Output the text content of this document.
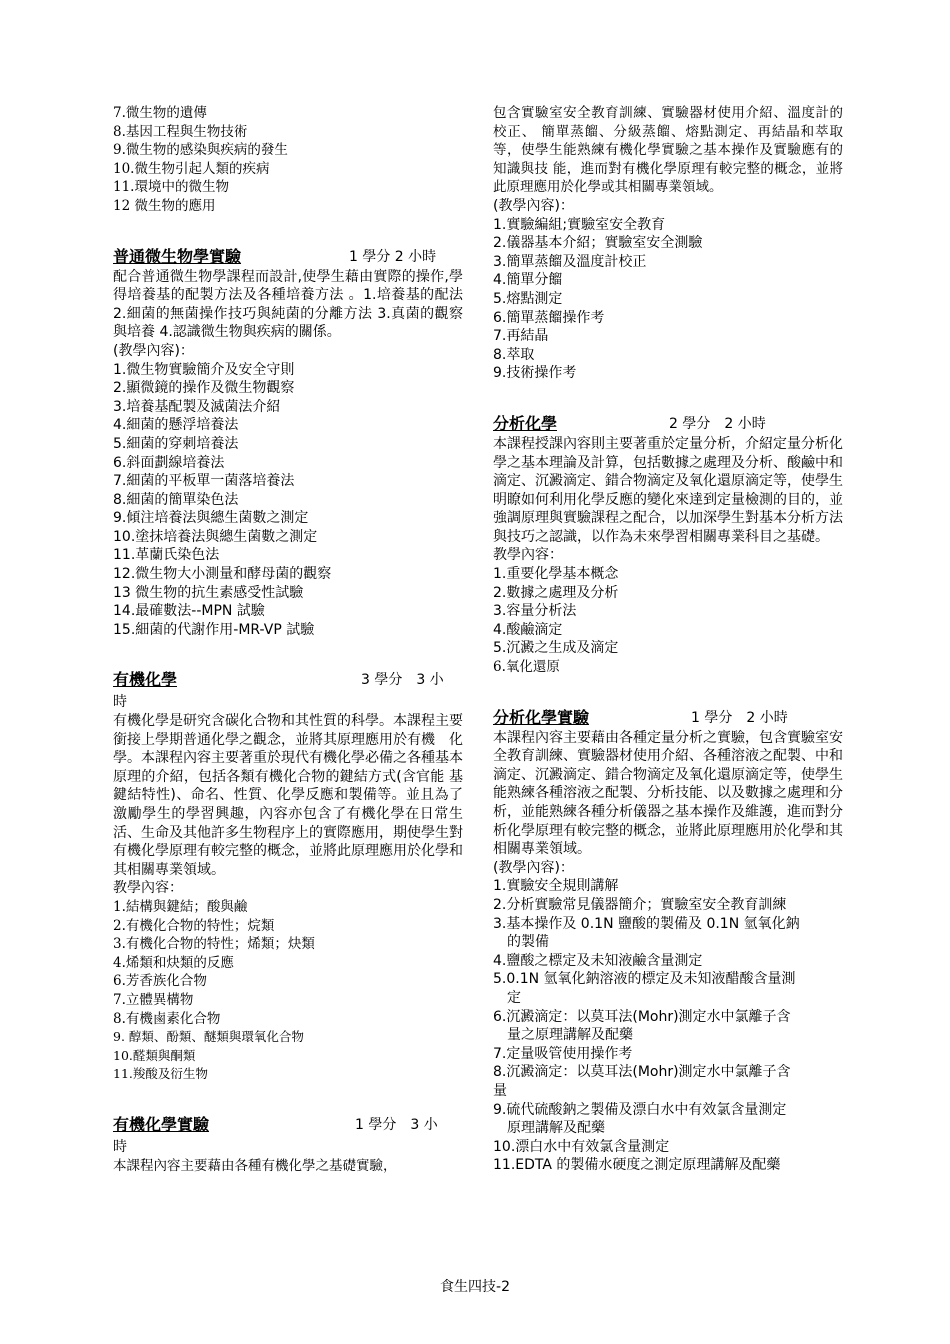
7.微生物的遺傳
8.基因工程與生物技術
9.微生物的感染與疾病的發生
10.微生物引起人類的疾病
11.環境中的微生物
12 微生物的應用
普通微生物學實驗	1 學分 2 小時
配合普通微生物學課程而設計,使學生藉由實際的操作,學得培養基的配製方法及各種培養方法 。1.培養基的配法 2.細菌的無菌操作技巧與純菌的分離方法 3.真菌的觀察與培養 4.認識微生物與疾病的關係。
(教學內容)：
1.微生物實驗簡介及安全守則
2.顯微鏡的操作及微生物觀察
3.培養基配製及滅菌法介紹
4.細菌的懸浮培養法
5.細菌的穿刺培養法
6.斜面劃線培養法
7.細菌的平板單一菌落培養法
8.細菌的簡單染色法
9.傾注培養法與總生菌數之測定
10.塗抹培養法與總生菌數之測定
11.革蘭氏染色法
12.微生物大小測量和酵母菌的觀察
13 微生物的抗生素感受性試驗
14.最確數法--MPN 試驗
15.細菌的代謝作用-MR-VP 試驗
有機化學	3 學分　3 小
時
有機化學是研究含碳化合物和其性質的科學。本課程主要銜接上學期普通化學之觀念，並將其原理應用於有機　化學。本課程內容主要著重於現代有機化學必備之各種基本原理的介紹，包括各類有機化合物的鍵結方式(含官能 基鍵結特性)、命名、性質、化學反應和製備等。並且為了激勵學生的學習興趣，內容亦包含了有機化學在日常生 活、生命及其他許多生物程序上的實際應用，期使學生對有機化學原理有較完整的概念，並將此原理應用於化學和 其相關專業領域。
教學內容：
1.結構與鍵結；酸與鹼
2.有機化合物的特性；烷類
3.有機化合物的特性；烯類；炔類
4.烯類和炔類的反應
6.芳香族化合物
7.立體異構物
8.有機鹵素化合物
9. 醇類、酚類、醚類與環氧化合物
10.醛類與酮類
11.羧酸及衍生物
有機化學實驗	1 學分　3 小
時
本課程內容主要藉由各種有機化學之基礎實驗，
包含實驗室安全教育訓練、實驗器材使用介紹、溫度計的校正、 簡單蒸餾、分級蒸餾、熔點測定、再結晶和萃取等，使學生能熟練有機化學實驗之基本操作及實驗應有的知識與技 能，進而對有機化學原理有較完整的概念，並將此原理應用於化學或其相關專業領域。
(教學內容)：
1.實驗編組;實驗室安全教育
2.儀器基本介紹；實驗室安全測驗
3.簡單蒸餾及溫度計校正
4.簡單分餾
5.熔點測定
6.簡單蒸餾操作考
7.再結晶
8.萃取
9.技術操作考
分析化學	2 學分　2 小時
本課程授課內容則主要著重於定量分析，介紹定量分析化學之基本理論及計算，包括數據之處理及分析、酸鹼中和滴定、沉澱滴定、錯合物滴定及氧化還原滴定等，使學生明瞭如何利用化學反應的變化來達到定量檢測的目的，並強調原理與實驗課程之配合，以加深學生對基本分析方法與技巧之認識，以作為未來學習相關專業科目之基礎。
教學內容：
1.重要化學基本概念
2.數據之處理及分析
3.容量分析法
4.酸鹼滴定
5.沉澱之生成及滴定
6.氧化還原
分析化學實驗	1 學分　2 小時
本課程內容主要藉由各種定量分析之實驗，包含實驗室安全教育訓練、實驗器材使用介紹、各種溶液之配製、中和滴定、沉澱滴定、錯合物滴定及氧化還原滴定等，使學生能熟練各種溶液之配製、分析技能、以及數據之處理和分析，並能熟練各種分析儀器之基本操作及維護，進而對分析化學原理有較完整的概念，並將此原理應用於化學和其相關專業領域。
(教學內容)：
1.實驗安全規則講解
2.分析實驗常見儀器簡介；實驗室安全教育訓練
3.基本操作及 0.1N 鹽酸的製備及 0.1N 氫氧化鈉
的製備
4.鹽酸之標定及未知液鹼含量測定
5.0.1N 氫氧化鈉溶液的標定及未知液醋酸含量測
定
6.沉澱滴定：以莫耳法(Mohr)測定水中氯離子含
量之原理講解及配藥
7.定量吸管使用操作考
8.沉澱滴定：以莫耳法(Mohr)測定水中氯離子含
量
9.硫代硫酸鈉之製備及漂白水中有效氯含量測定
原理講解及配藥
10.漂白水中有效氯含量測定
11.EDTA 的製備水硬度之測定原理講解及配藥
食生四技-2
